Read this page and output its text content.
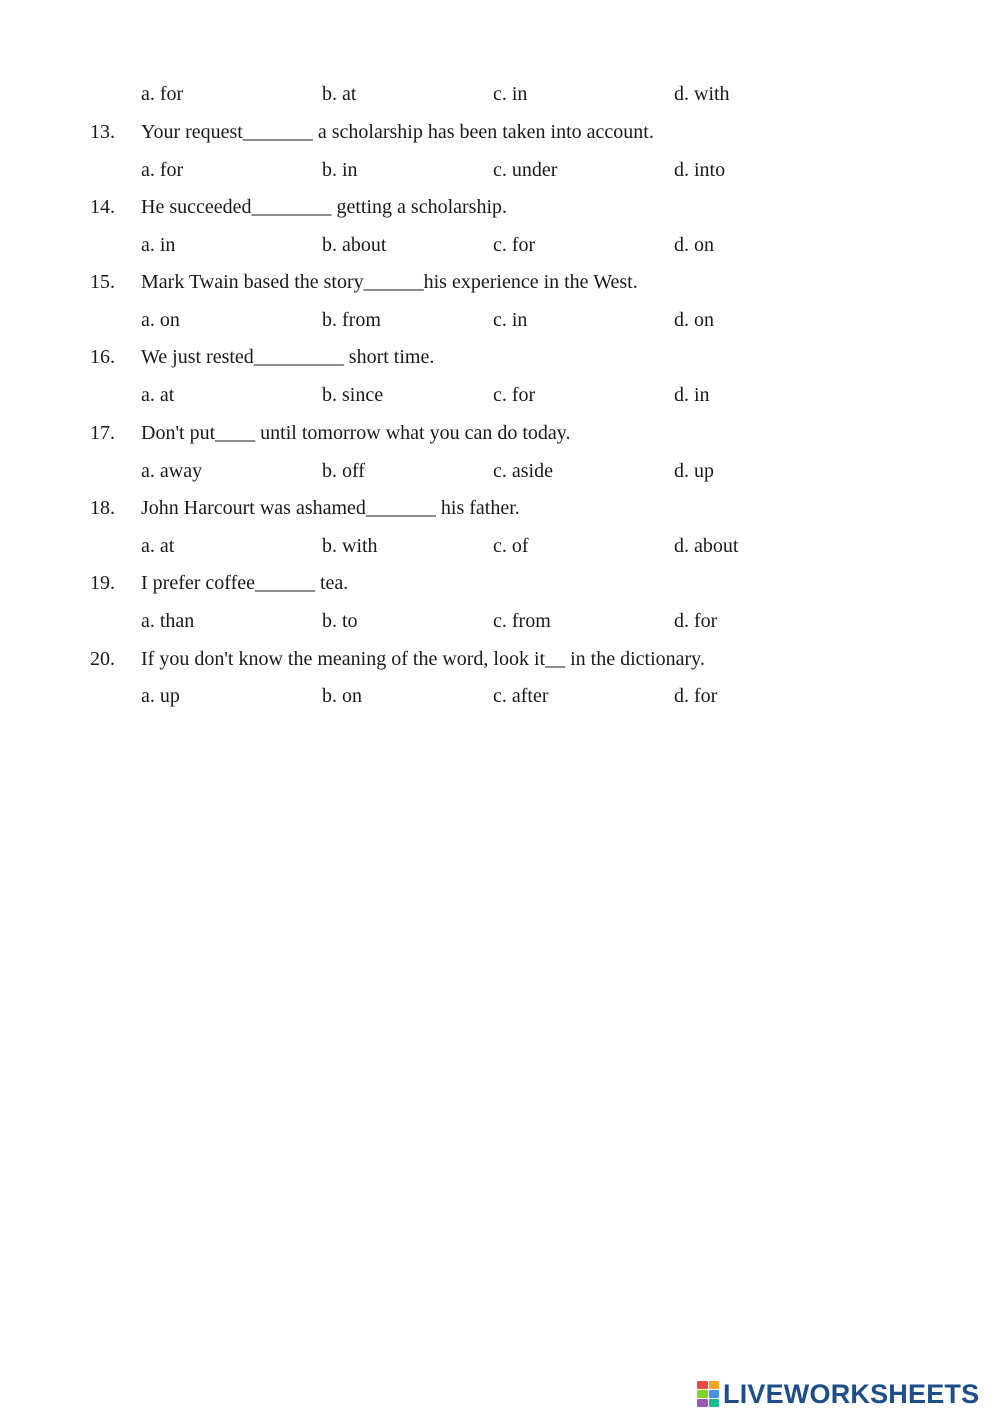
a. for	b. at	c. in	d. with
13. Your request_______ a scholarship has been taken into account.
a. for	b. in	c. under	d. into
14. He succeeded________ getting a scholarship.
a. in	b. about	c. for	d. on
15. Mark Twain based the story______his experience in the West.
a. on	b. from	c. in	d. on
16. We just rested_________ short time.
a. at	b. since	c. for	d. in
17. Don't put____ until tomorrow what you can do today.
a. away	b. off	c. aside	d. up
18. John Harcourt was ashamed_______ his father.
a. at	b. with	c. of	d. about
19. I prefer coffee______ tea.
a. than	b. to	c. from	d. for
20. If you don't know the meaning of the word, look it__ in the dictionary.
a. up	b. on	c. after	d. for
LIVEWORKSHEETS
